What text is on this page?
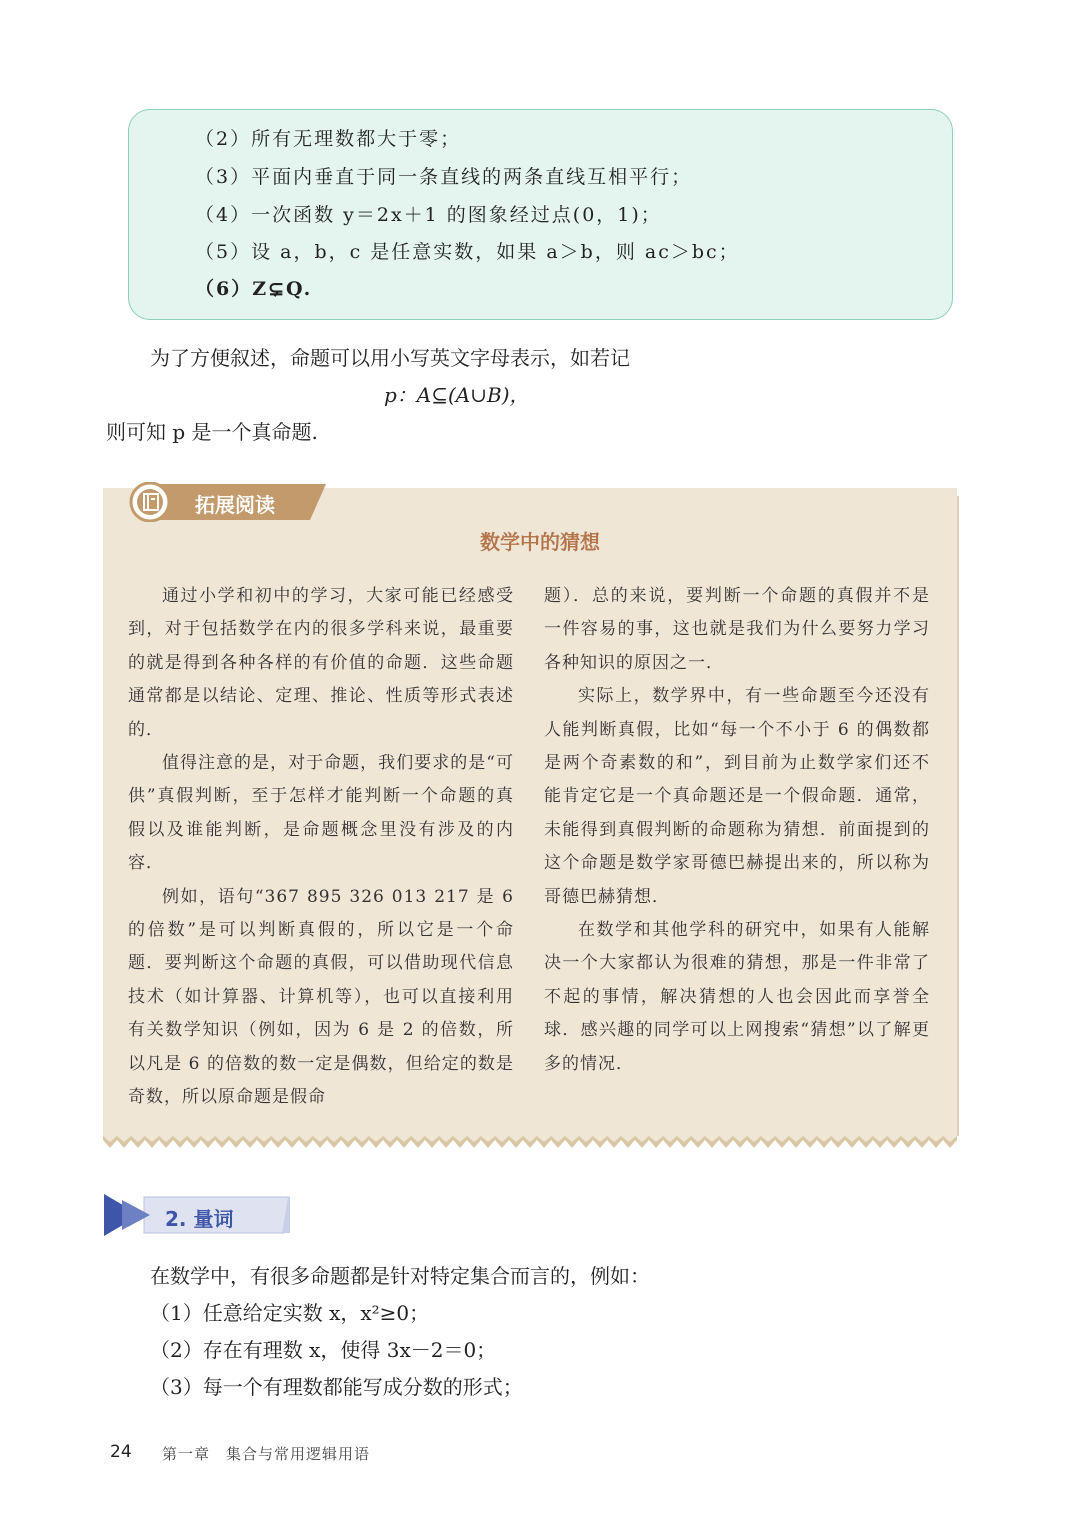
（2）所有无理数都大于零；
（3）平面内垂直于同一条直线的两条直线互相平行；
（4）一次函数 y＝2x＋1 的图象经过点(0，1)；
（5）设 a，b，c 是任意实数，如果 a＞b，则 ac＞bc；
（6）Z⊊Q.
为了方便叙述，命题可以用小写英文字母表示，如若记
p：A⊆(A∪B)，
则可知 p 是一个真命题.
拓展阅读
数学中的猜想

通过小学和初中的学习，大家可能已经感受到，对于包括数学在内的很多学科来说，最重要的就是得到各种各样的有价值的命题．这些命题通常都是以结论、定理、推论、性质等形式表述的．

值得注意的是，对于命题，我们要求的是“可供”真假判断，至于怎样才能判断一个命题的真假以及谁能判断，是命题概念里没有涉及的内容．

例如，语句“367 895 326 013 217 是 6 的倍数”是可以判断真假的，所以它是一个命题．要判断这个命题的真假，可以借助现代信息技术（如计算器、计算机等），也可以直接利用有关数学知识（例如，因为 6 是 2 的倍数，所以凡是 6 的倍数的数一定是偶数，但给定的数是奇数，所以原命题是假命

题）．总的来说，要判断一个命题的真假并不是一件容易的事，这也就是我们为什么要努力学习各种知识的原因之一．

实际上，数学界中，有一些命题至今还没有人能判断真假，比如“每一个不小于 6 的偶数都是两个奇素数的和”，到目前为止数学家们还不能肯定它是一个真命题还是一个假命题．通常，未能得到真假判断的命题称为猜想．前面提到的这个命题是数学家哥德巴赫提出来的，所以称为哥德巴赫猜想．

在数学和其他学科的研究中，如果有人能解决一个大家都认为很难的猜想，那是一件非常了不起的事情，解决猜想的人也会因此而享誉全球．感兴趣的同学可以上网搜索“猜想”以了解更多的情况．

2. 量词
在数学中，有很多命题都是针对特定集合而言的，例如：
（1）任意给定实数 x，x²≥0；
（2）存在有理数 x，使得 3x－2＝0；
（3）每一个有理数都能写成分数的形式；
24 第一章　集合与常用逻辑用语
